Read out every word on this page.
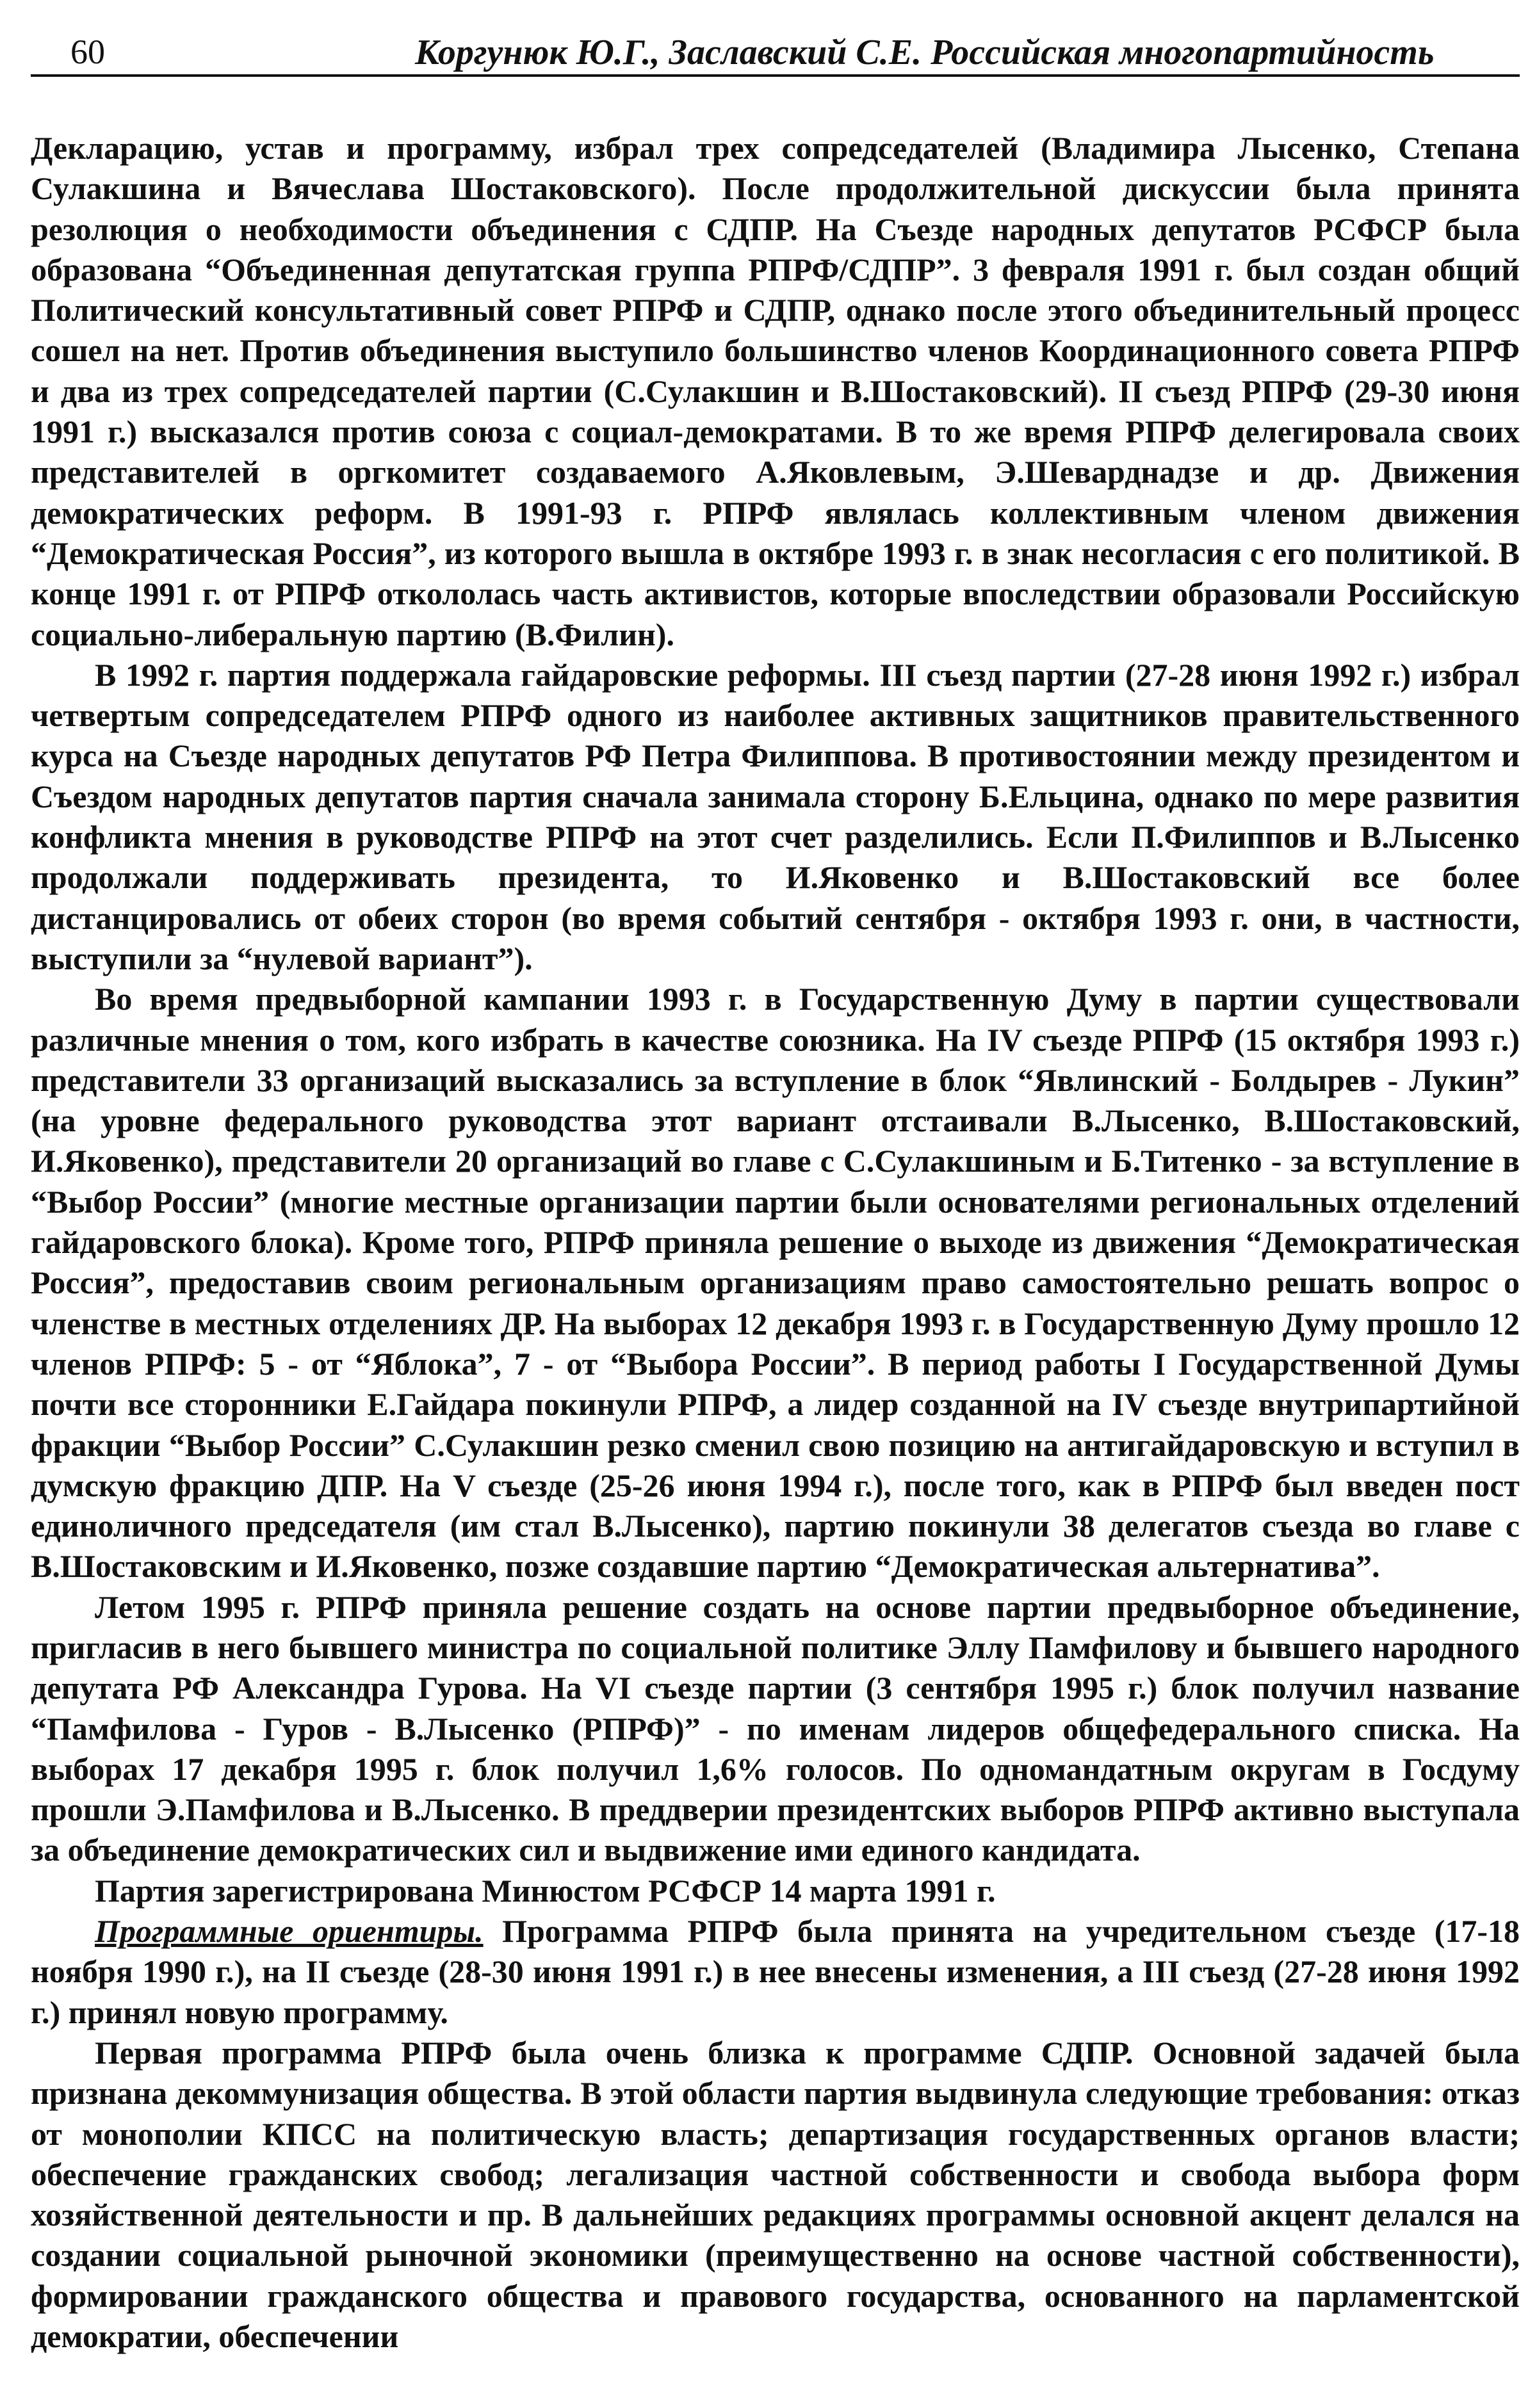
60	Коргунюк Ю.Г., Заславский С.Е. Российская многопартийность

Декларацию, устав и программу, избрал трех сопредседателей (Владимира Лысенко, Степана Сулакшина и Вячеслава Шостаковского). После продолжительной дискуссии была принята резолюция о необходимости объединения с СДПР. На Съезде народных депутатов РСФСР была образована “Объединенная депутатская группа РПРФ/СДПР”. 3 февраля 1991 г. был создан общий Политический консультативный совет РПРФ и СДПР, однако после этого объединительный процесс сошел на нет. Против объединения выступило большинство членов Координационного совета РПРФ и два из трех сопредседателей партии (С.Сулакшин и В.Шостаковский). II съезд РПРФ (29-30 июня 1991 г.) высказался против союза с социал-демократами. В то же время РПРФ делегировала своих представителей в оргкомитет создаваемого А.Яковлевым, Э.Шеварднадзе и др. Движения демократических реформ. В 1991-93 г. РПРФ являлась коллективным членом движения “Демократическая Россия”, из которого вышла в октябре 1993 г. в знак несогласия с его политикой. В конце 1991 г. от РПРФ откололась часть активистов, которые впоследствии образовали Российскую социально-либеральную партию (В.Филин).

В 1992 г. партия поддержала гайдаровские реформы. III съезд партии (27-28 июня 1992 г.) избрал четвертым сопредседателем РПРФ одного из наиболее активных защитников правительственного курса на Съезде народных депутатов РФ Петра Филиппова. В противостоянии между президентом и Съездом народных депутатов партия сначала занимала сторону Б.Ельцина, однако по мере развития конфликта мнения в руководстве РПРФ на этот счет разделились. Если П.Филиппов и В.Лысенко продолжали поддерживать президента, то И.Яковенко и В.Шостаковский все более дистанцировались от обеих сторон (во время событий сентября - октября 1993 г. они, в частности, выступили за “нулевой вариант”).

Во время предвыборной кампании 1993 г. в Государственную Думу в партии существовали различные мнения о том, кого избрать в качестве союзника. На IV съезде РПРФ (15 октября 1993 г.) представители 33 организаций высказались за вступление в блок “Явлинский - Болдырев - Лукин” (на уровне федерального руководства этот вариант отстаивали В.Лысенко, В.Шостаковский, И.Яковенко), представители 20 организаций во главе с С.Сулакшиным и Б.Титенко - за вступление в “Выбор России” (многие местные организации партии были основателями региональных отделений гайдаровского блока). Кроме того, РПРФ приняла решение о выходе из движения “Демократическая Россия”, предоставив своим региональным организациям право самостоятельно решать вопрос о членстве в местных отделениях ДР. На выборах 12 декабря 1993 г. в Государственную Думу прошло 12 членов РПРФ: 5 - от “Яблока”, 7 - от “Выбора России”. В период работы I Государственной Думы почти все сторонники Е.Гайдара покинули РПРФ, а лидер созданной на IV съезде внутрипартийной фракции “Выбор России” С.Сулакшин резко сменил свою позицию на антигайдаровскую и вступил в думскую фракцию ДПР. На V съезде (25-26 июня 1994 г.), после того, как в РПРФ был введен пост единоличного председателя (им стал В.Лысенко), партию покинули 38 делегатов съезда во главе с В.Шостаковским и И.Яковенко, позже создавшие партию “Демократическая альтернатива”.

Летом 1995 г. РПРФ приняла решение создать на основе партии предвыборное объединение, пригласив в него бывшего министра по социальной политике Эллу Памфилову и бывшего народного депутата РФ Александра Гурова. На VI съезде партии (3 сентября 1995 г.) блок получил название “Памфилова - Гуров - В.Лысенко (РПРФ)” - по именам лидеров общефедерального списка. На выборах 17 декабря 1995 г. блок получил 1,6% голосов. По одномандатным округам в Госдуму прошли Э.Памфилова и В.Лысенко. В преддверии президентских выборов РПРФ активно выступала за объединение демократических сил и выдвижение ими единого кандидата.

Партия зарегистрирована Минюстом РСФСР 14 марта 1991 г.

Программные ориентиры. Программа РПРФ была принята на учредительном съезде (17-18 ноября 1990 г.), на II съезде (28-30 июня 1991 г.) в нее внесены изменения, а III съезд (27-28 июня 1992 г.) принял новую программу.

Первая программа РПРФ была очень близка к программе СДПР. Основной задачей была признана декоммунизация общества. В этой области партия выдвинула следующие требования: отказ от монополии КПСС на политическую власть; департизация государственных органов власти; обеспечение гражданских свобод; легализация частной собственности и свобода выбора форм хозяйственной деятельности и пр. В дальнейших редакциях программы основной акцент делался на создании социальной рыночной экономики (преимущественно на основе частной собственности), формировании гражданского общества и правового государства, основанного на парламентской демократии, обеспечении
